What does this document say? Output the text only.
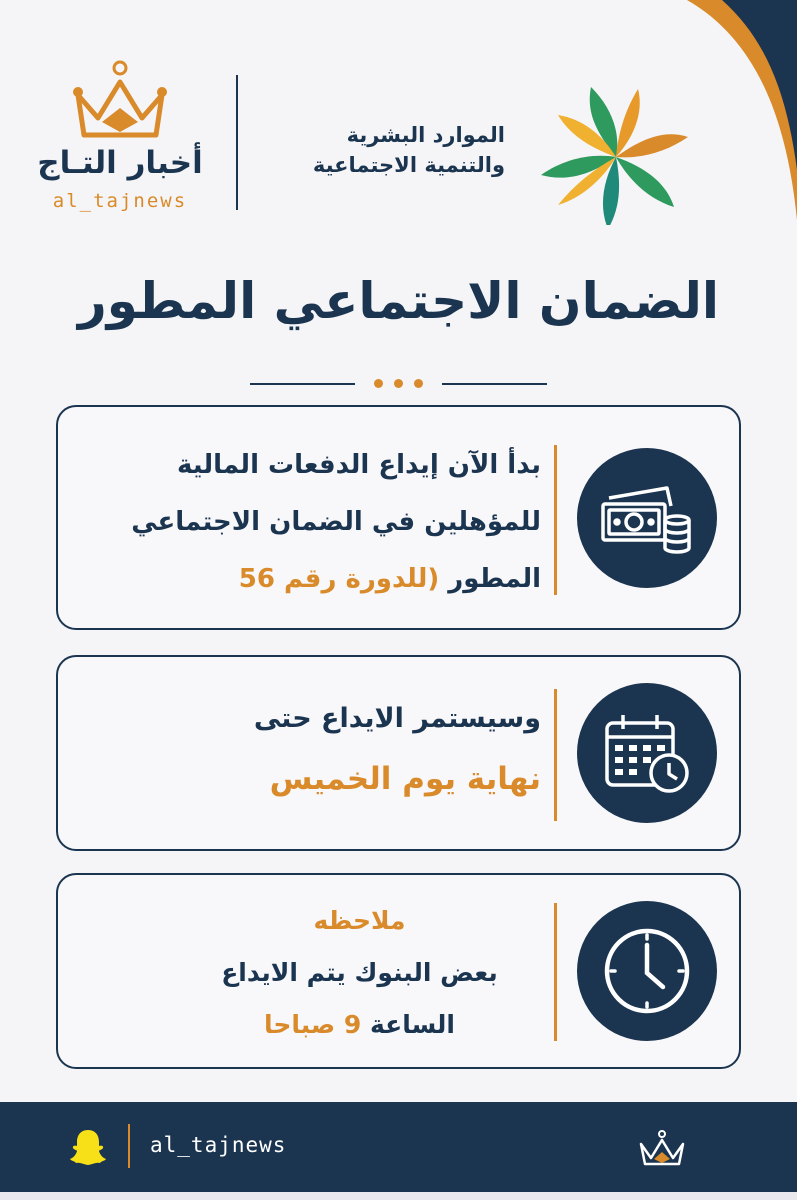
أخبار التـاج
al_tajnews
الموارد البشرية
والتنمية الاجتماعية
الضمان الاجتماعي المطور
بدأ الآن إيداع الدفعات المالية
للمؤهلين في الضمان الاجتماعي
المطور (للدورة رقم 56
وسيستمر الايداع حتى
نهاية يوم الخميس
ملاحظه
بعض البنوك يتم الايداع
الساعة 9 صباحا
al_tajnews
